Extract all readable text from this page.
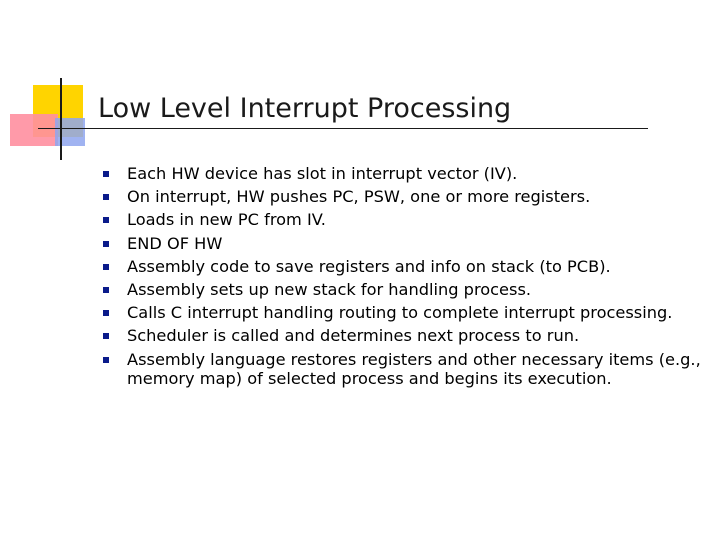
Low Level Interrupt Processing
Each HW device has slot in interrupt vector (IV).
On interrupt, HW pushes PC, PSW, one or more registers.
Loads in new PC from IV.
END OF HW
Assembly code to save registers and info on stack (to PCB).
Assembly sets up new stack for handling process.
Calls C interrupt handling routing to complete interrupt processing.
Scheduler is called and determines next process to run.
Assembly language restores registers and other necessary items (e.g., memory map) of selected process and begins its execution.
